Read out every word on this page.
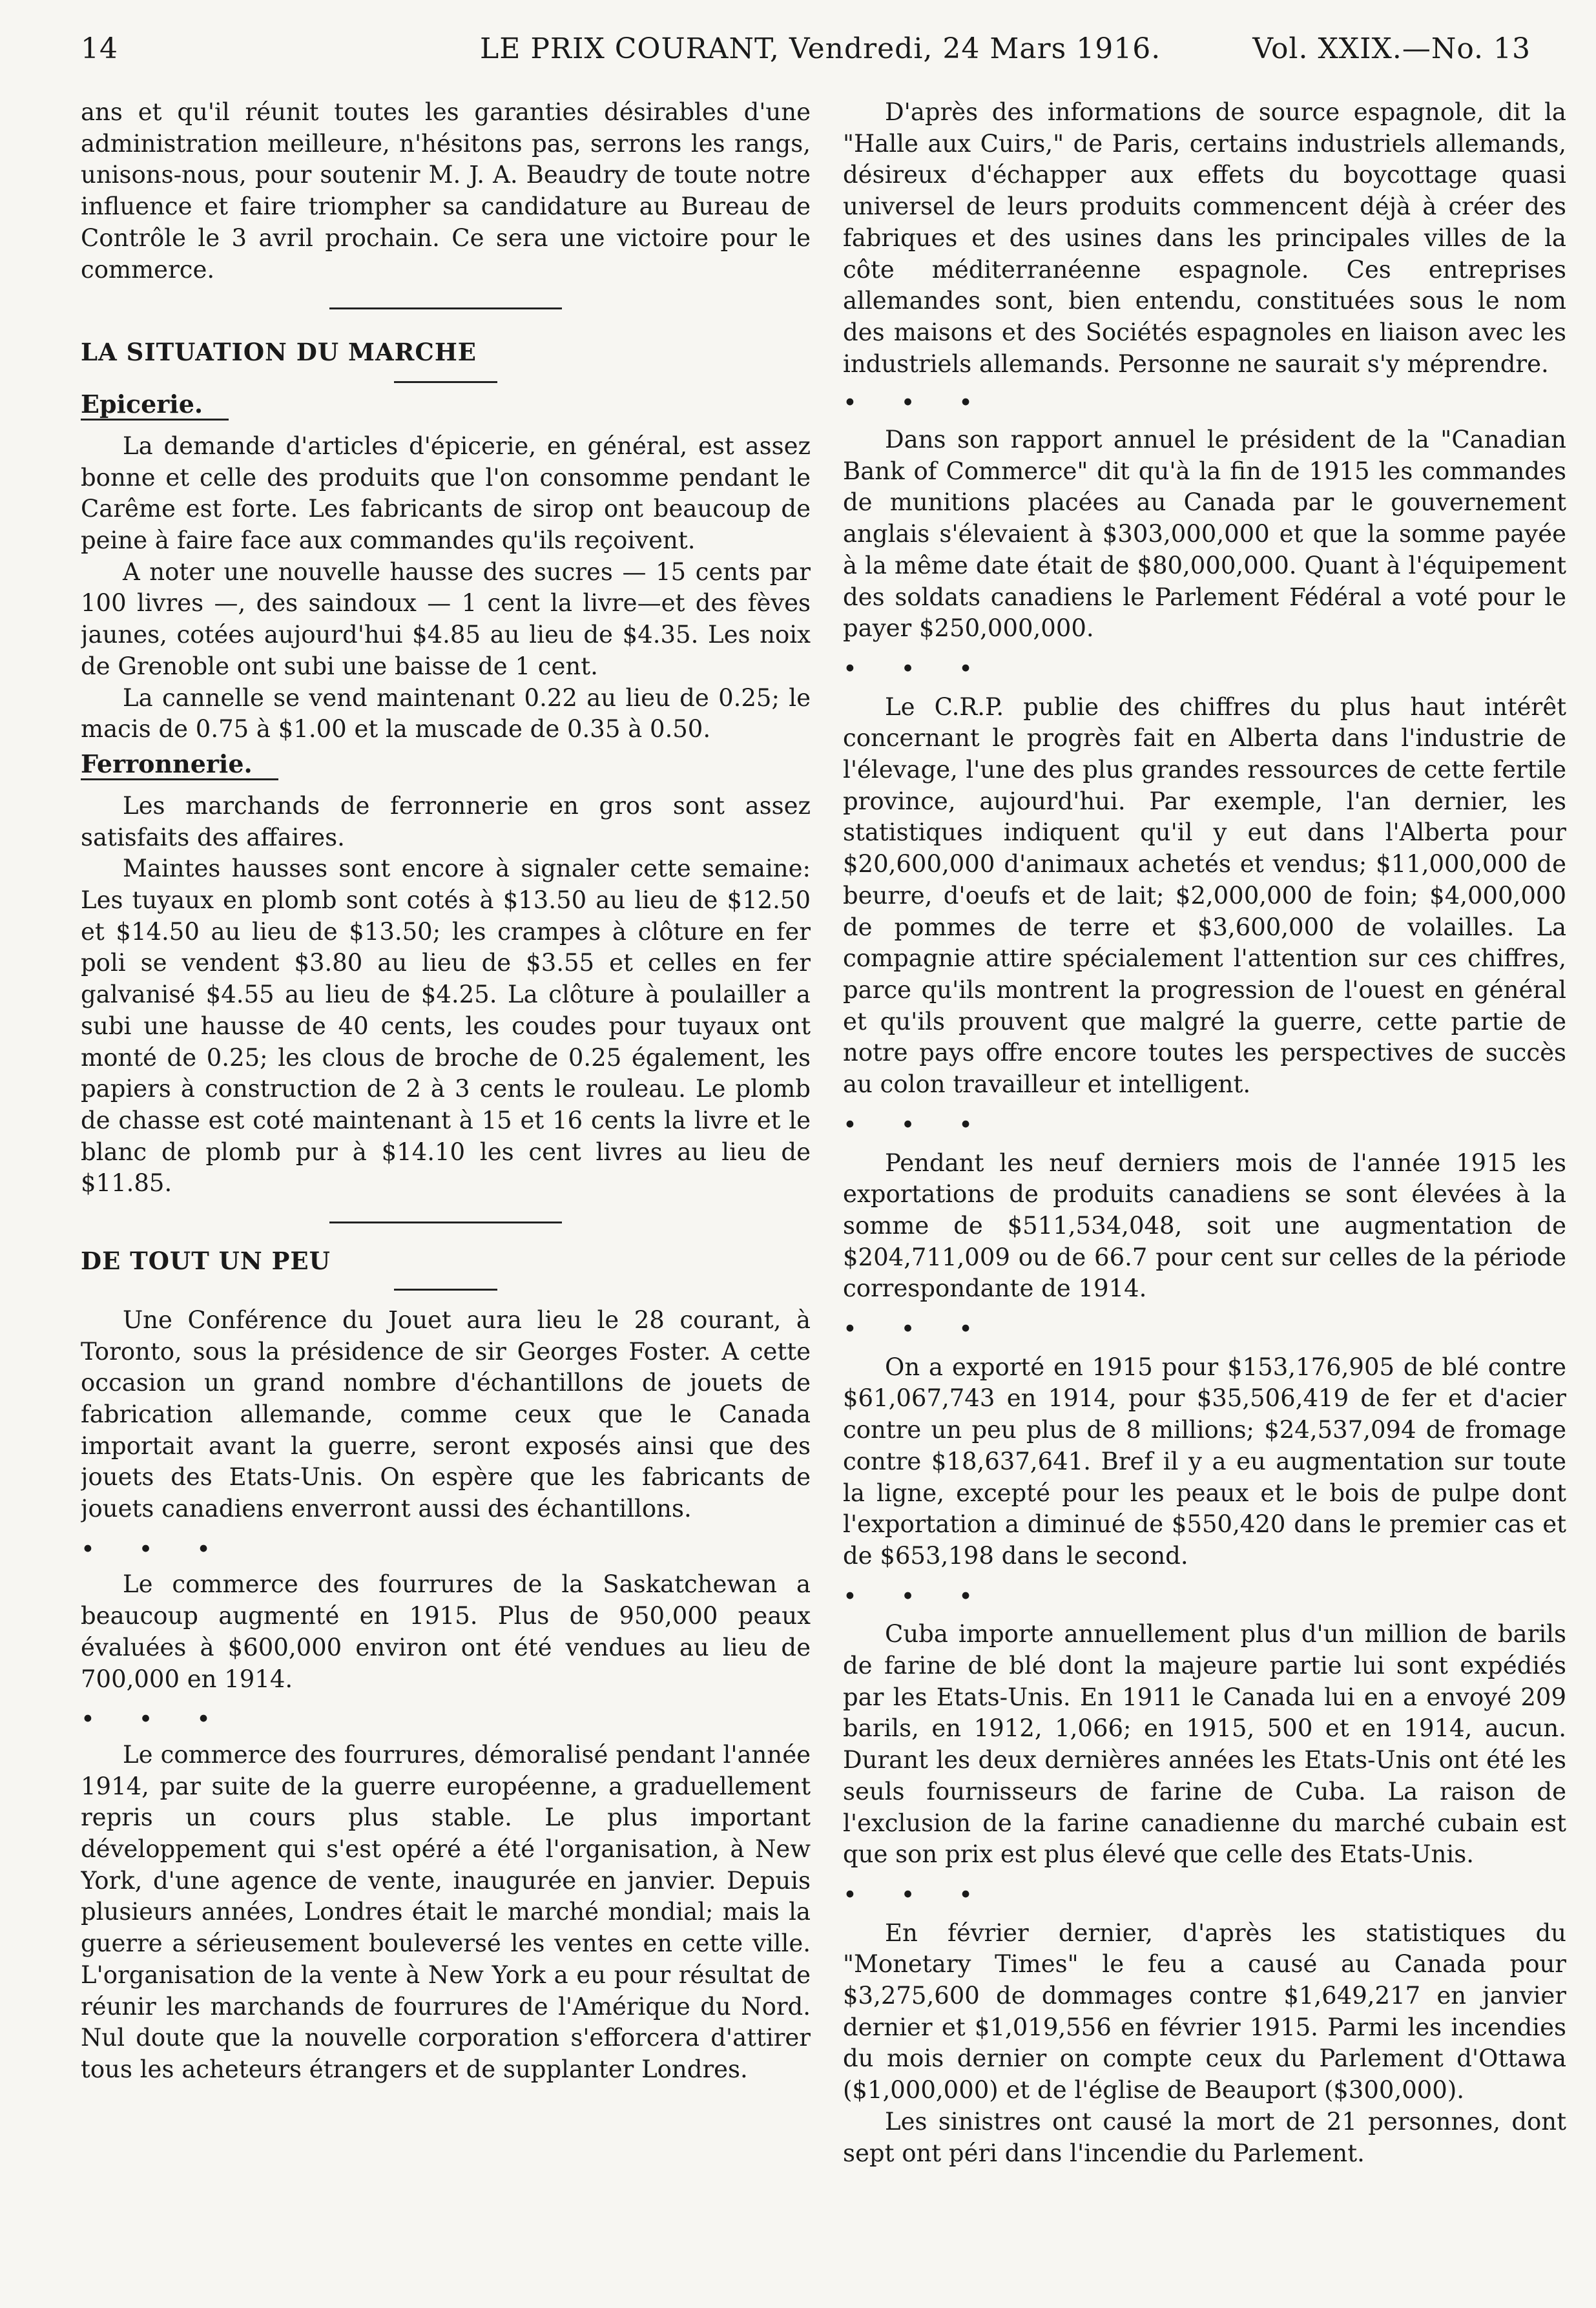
14	LE PRIX COURANT, Vendredi, 24 Mars 1916.	Vol. XXIX.—No. 13

ans et qu'il réunit toutes les garanties désirables d'une administration meilleure, n'hésitons pas, serrons les rangs, unisons-nous, pour soutenir M. J. A. Beaudry de toute notre influence et faire triompher sa candidature au Bureau de Contrôle le 3 avril prochain. Ce sera une victoire pour le commerce.

LA SITUATION DU MARCHE

Epicerie.

La demande d'articles d'épicerie, en général, est assez bonne et celle des produits que l'on consomme pendant le Carême est forte. Les fabricants de sirop ont beaucoup de peine à faire face aux commandes qu'ils reçoivent.

A noter une nouvelle hausse des sucres — 15 cents par 100 livres —, des saindoux — 1 cent la livre—et des fèves jaunes, cotées aujourd'hui $4.85 au lieu de $4.35. Les noix de Grenoble ont subi une baisse de 1 cent.

La cannelle se vend maintenant 0.22 au lieu de 0.25; le macis de 0.75 à $1.00 et la muscade de 0.35 à 0.50.

Ferronnerie.

Les marchands de ferronnerie en gros sont assez satisfaits des affaires.

Maintes hausses sont encore à signaler cette semaine: Les tuyaux en plomb sont cotés à $13.50 au lieu de $12.50 et $14.50 au lieu de $13.50; les crampes à clôture en fer poli se vendent $3.80 au lieu de $3.55 et celles en fer galvanisé $4.55 au lieu de $4.25. La clôture à poulailler a subi une hausse de 40 cents, les coudes pour tuyaux ont monté de 0.25; les clous de broche de 0.25 également, les papiers à construction de 2 à 3 cents le rouleau. Le plomb de chasse est coté maintenant à 15 et 16 cents la livre et le blanc de plomb pur à $14.10 les cent livres au lieu de $11.85.

DE TOUT UN PEU

Une Conférence du Jouet aura lieu le 28 courant, à Toronto, sous la présidence de sir Georges Foster. A cette occasion un grand nombre d'échantillons de jouets de fabrication allemande, comme ceux que le Canada importait avant la guerre, seront exposés ainsi que des jouets des Etats-Unis. On espère que les fabricants de jouets canadiens enverront aussi des échantillons.

• • •

Le commerce des fourrures de la Saskatchewan a beaucoup augmenté en 1915. Plus de 950,000 peaux évaluées à $600,000 environ ont été vendues au lieu de 700,000 en 1914.

• • •

Le commerce des fourrures, démoralisé pendant l'année 1914, par suite de la guerre européenne, a graduellement repris un cours plus stable. Le plus important développement qui s'est opéré a été l'organisation, à New York, d'une agence de vente, inaugurée en janvier. Depuis plusieurs années, Londres était le marché mondial; mais la guerre a sérieusement bouleversé les ventes en cette ville. L'organisation de la vente à New York a eu pour résultat de réunir les marchands de fourrures de l'Amérique du Nord. Nul doute que la nouvelle corporation s'efforcera d'attirer tous les acheteurs étrangers et de supplanter Londres.

D'après des informations de source espagnole, dit la "Halle aux Cuirs," de Paris, certains industriels allemands, désireux d'échapper aux effets du boycottage quasi universel de leurs produits commencent déjà à créer des fabriques et des usines dans les principales villes de la côte méditerranéenne espagnole. Ces entreprises allemandes sont, bien entendu, constituées sous le nom des maisons et des Sociétés espagnoles en liaison avec les industriels allemands. Personne ne saurait s'y méprendre.

• • •

Dans son rapport annuel le président de la "Canadian Bank of Commerce" dit qu'à la fin de 1915 les commandes de munitions placées au Canada par le gouvernement anglais s'élevaient à $303,000,000 et que la somme payée à la même date était de $80,000,000. Quant à l'équipement des soldats canadiens le Parlement Fédéral a voté pour le payer $250,000,000.

• • •

Le C.R.P. publie des chiffres du plus haut intérêt concernant le progrès fait en Alberta dans l'industrie de l'élevage, l'une des plus grandes ressources de cette fertile province, aujourd'hui. Par exemple, l'an dernier, les statistiques indiquent qu'il y eut dans l'Alberta pour $20,600,000 d'animaux achetés et vendus; $11,000,000 de beurre, d'oeufs et de lait; $2,000,000 de foin; $4,000,000 de pommes de terre et $3,600,000 de volailles. La compagnie attire spécialement l'attention sur ces chiffres, parce qu'ils montrent la progression de l'ouest en général et qu'ils prouvent que malgré la guerre, cette partie de notre pays offre encore toutes les perspectives de succès au colon travailleur et intelligent.

• • •

Pendant les neuf derniers mois de l'année 1915 les exportations de produits canadiens se sont élevées à la somme de $511,534,048, soit une augmentation de $204,711,009 ou de 66.7 pour cent sur celles de la période correspondante de 1914.

• • •

On a exporté en 1915 pour $153,176,905 de blé contre $61,067,743 en 1914, pour $35,506,419 de fer et d'acier contre un peu plus de 8 millions; $24,537,094 de fromage contre $18,637,641. Bref il y a eu augmentation sur toute la ligne, excepté pour les peaux et le bois de pulpe dont l'exportation a diminué de $550,420 dans le premier cas et de $653,198 dans le second.

• • •

Cuba importe annuellement plus d'un million de barils de farine de blé dont la majeure partie lui sont expédiés par les Etats-Unis. En 1911 le Canada lui en a envoyé 209 barils, en 1912, 1,066; en 1915, 500 et en 1914, aucun. Durant les deux dernières années les Etats-Unis ont été les seuls fournisseurs de farine de Cuba. La raison de l'exclusion de la farine canadienne du marché cubain est que son prix est plus élevé que celle des Etats-Unis.

• • •

En février dernier, d'après les statistiques du "Monetary Times" le feu a causé au Canada pour $3,275,600 de dommages contre $1,649,217 en janvier dernier et $1,019,556 en février 1915. Parmi les incendies du mois dernier on compte ceux du Parlement d'Ottawa ($1,000,000) et de l'église de Beauport ($300,000).

Les sinistres ont causé la mort de 21 personnes, dont sept ont péri dans l'incendie du Parlement.
